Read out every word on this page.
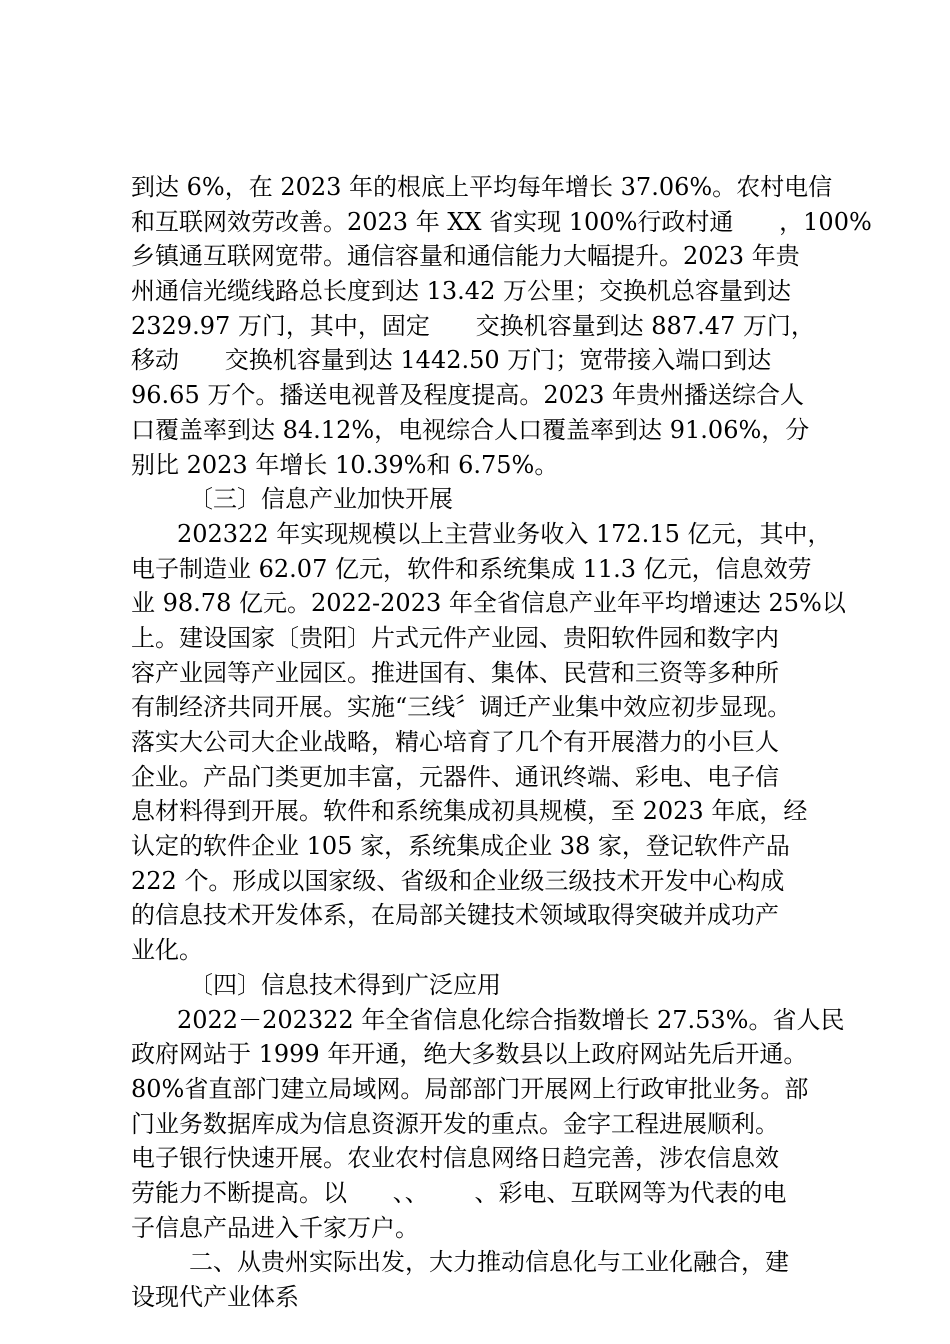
到达 6%，在 2023 年的根底上平均每年增长 37.06%。农村电信
和互联网效劳改善。2023 年 XX 省实现 100%行政村通      ，100%
乡镇通互联网宽带。通信容量和通信能力大幅提升。2023 年贵
州通信光缆线路总长度到达 13.42 万公里；交换机总容量到达
2329.97 万门，其中，固定      交换机容量到达 887.47 万门，
移动      交换机容量到达 1442.50 万门；宽带接入端口到达
96.65 万个。播送电视普及程度提高。2023 年贵州播送综合人
口覆盖率到达 84.12%，电视综合人口覆盖率到达 91.06%，分
别比 2023 年增长 10.39%和 6.75%。
〔三〕信息产业加快开展
202322 年实现规模以上主营业务收入 172.15 亿元，其中，
电子制造业 62.07 亿元，软件和系统集成 11.3 亿元，信息效劳
业 98.78 亿元。2022-2023 年全省信息产业年平均增速达 25%以
上。建设国家〔贵阳〕片式元件产业园、贵阳软件园和数字内
容产业园等产业园区。推进国有、集体、民营和三资等多种所
有制经济共同开展。实施“三线〞调迁产业集中效应初步显现。
落实大公司大企业战略，精心培育了几个有开展潜力的小巨人
企业。产品门类更加丰富，元器件、通讯终端、彩电、电子信
息材料得到开展。软件和系统集成初具规模，至 2023 年底，经
认定的软件企业 105 家，系统集成企业 38 家，登记软件产品
222 个。形成以国家级、省级和企业级三级技术开发中心构成
的信息技术开发体系，在局部关键技术领域取得突破并成功产
业化。
〔四〕信息技术得到广泛应用
2022－202322 年全省信息化综合指数增长 27.53%。省人民
政府网站于 1999 年开通，绝大多数县以上政府网站先后开通。
80%省直部门建立局域网。局部部门开展网上行政审批业务。部
门业务数据库成为信息资源开发的重点。金字工程进展顺利。
电子银行快速开展。农业农村信息网络日趋完善，涉农信息效
劳能力不断提高。以      、、      、彩电、互联网等为代表的电
子信息产品进入千家万户。
二、从贵州实际出发，大力推动信息化与工业化融合，建
设现代产业体系
